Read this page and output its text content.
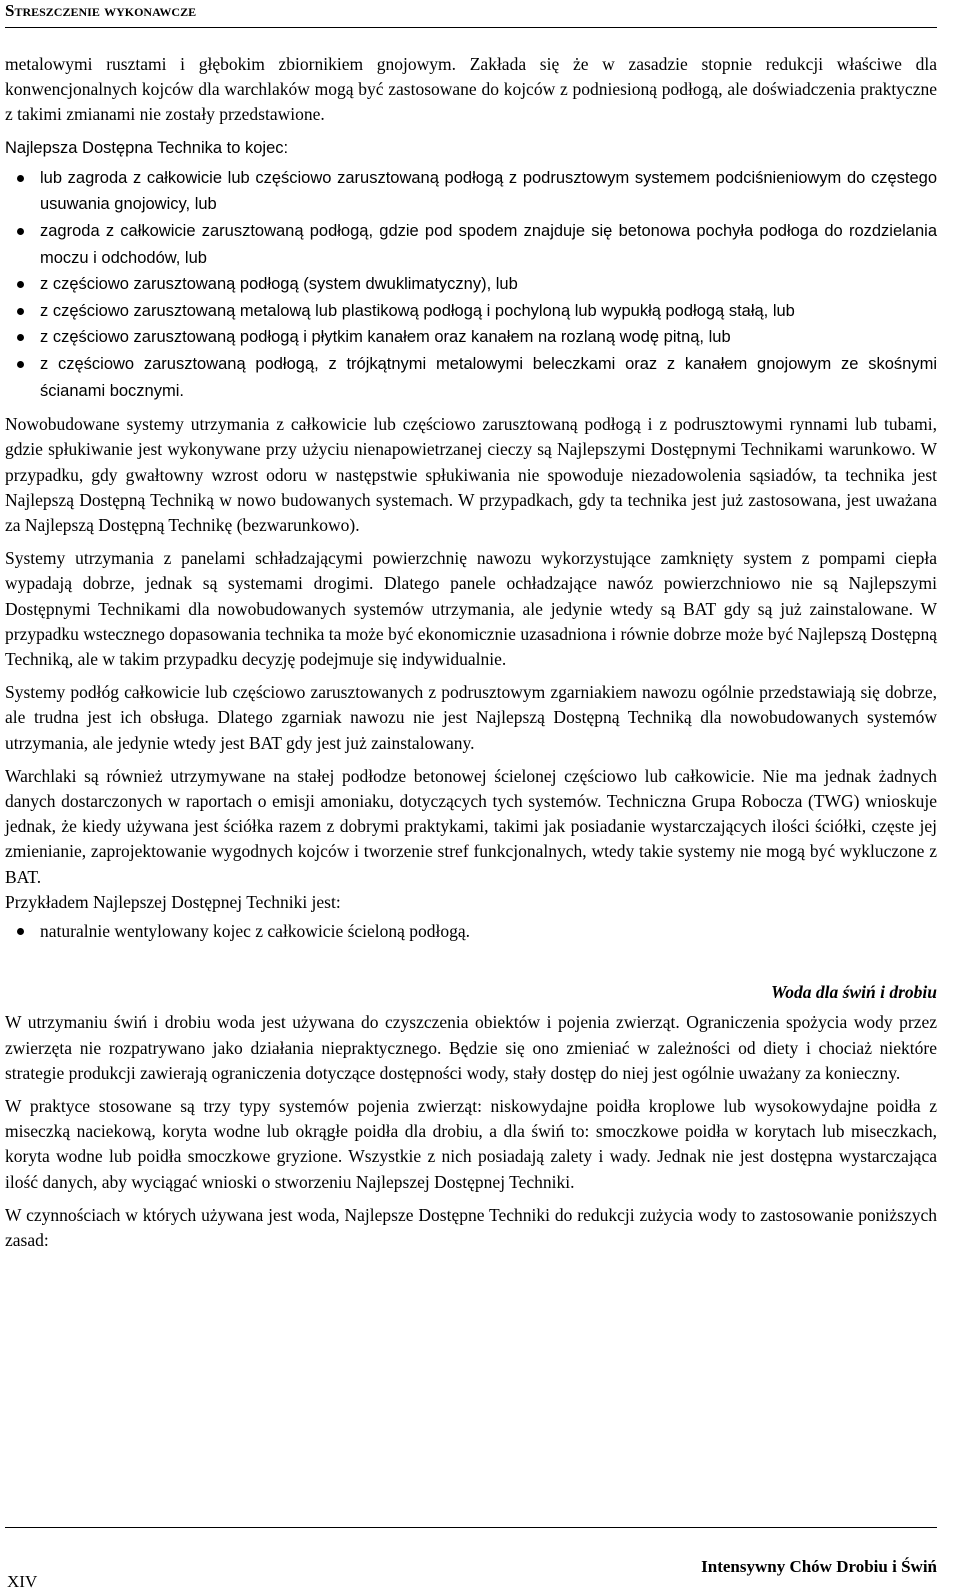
Streszczenie wykonawcze

metalowymi rusztami i głębokim zbiornikiem gnojowym. Zakłada się że w zasadzie stopnie redukcji właściwe dla konwencjonalnych kojców dla warchlaków mogą być zastosowane do kojców z podniesioną podłogą, ale doświadczenia praktyczne z takimi zmianami nie zostały przedstawione.

Najlepsza Dostępna Technika to kojec:

lub zagroda z całkowicie lub częściowo zarusztowaną podłogą z podrusztowym systemem podciśnieniowym do częstego usuwania gnojowicy, lub
zagroda z całkowicie zarusztowaną podłogą, gdzie pod spodem znajduje się betonowa pochyła podłoga do rozdzielania moczu i odchodów, lub
z częściowo zarusztowaną podłogą (system dwuklimatyczny), lub
z częściowo zarusztowaną metalową lub plastikową podłogą i pochyloną lub wypukłą podłogą stałą, lub
z częściowo zarusztowaną podłogą i płytkim kanałem oraz kanałem na rozlaną wodę pitną, lub
z częściowo zarusztowaną podłogą, z trójkątnymi metalowymi beleczkami oraz z kanałem gnojowym ze skośnymi ścianami bocznymi.

Nowobudowane systemy utrzymania z całkowicie lub częściowo zarusztowaną podłogą i z podrusztowymi rynnami lub tubami, gdzie spłukiwanie jest wykonywane przy użyciu nienapowietrzanej cieczy są Najlepszymi Dostępnymi Technikami warunkowo. W przypadku, gdy gwałtowny wzrost odoru w następstwie spłukiwania nie spowoduje niezadowolenia sąsiadów, ta technika jest Najlepszą Dostępną Techniką w nowo budowanych systemach. W przypadkach, gdy ta technika jest już zastosowana, jest uważana za Najlepszą Dostępną Technikę (bezwarunkowo).

Systemy utrzymania z panelami schładzającymi powierzchnię nawozu wykorzystujące zamknięty system z pompami ciepła wypadają dobrze, jednak są systemami drogimi. Dlatego panele ochładzające nawóz powierzchniowo nie są Najlepszymi Dostępnymi Technikami dla nowobudowanych systemów utrzymania, ale jedynie wtedy są BAT gdy są już zainstalowane. W przypadku wstecznego dopasowania technika ta może być ekonomicznie uzasadniona i równie dobrze może być Najlepszą Dostępną Techniką, ale w takim przypadku decyzję podejmuje się indywidualnie.

Systemy podłóg całkowicie lub częściowo zarusztowanych z podrusztowym zgarniakiem nawozu ogólnie przedstawiają się dobrze, ale trudna jest ich obsługa. Dlatego zgarniak nawozu nie jest Najlepszą Dostępną Techniką dla nowobudowanych systemów utrzymania, ale jedynie wtedy jest BAT gdy jest już zainstalowany.

Warchlaki są również utrzymywane na stałej podłodze betonowej ścielonej częściowo lub całkowicie. Nie ma jednak żadnych danych dostarczonych w raportach o emisji amoniaku, dotyczących tych systemów. Techniczna Grupa Robocza (TWG) wnioskuje jednak, że kiedy używana jest ściółka razem z dobrymi praktykami, takimi jak posiadanie wystarczających ilości ściółki, częste jej zmienianie, zaprojektowanie wygodnych kojców i tworzenie stref funkcjonalnych, wtedy takie systemy nie mogą być wykluczone z BAT.

Przykładem Najlepszej Dostępnej Techniki jest:

naturalnie wentylowany kojec z całkowicie ścieloną podłogą.
Woda dla świń i drobiu

W utrzymaniu świń i drobiu woda jest używana do czyszczenia obiektów i pojenia zwierząt. Ograniczenia spożycia wody przez zwierzęta nie rozpatrywano jako działania niepraktycznego. Będzie się ono zmieniać w zależności od diety i chociaż niektóre strategie produkcji zawierają ograniczenia dotyczące dostępności wody, stały dostęp do niej jest ogólnie uważany za konieczny.

W praktyce stosowane są trzy typy systemów pojenia zwierząt: niskowydajne poidła kroplowe lub wysokowydajne poidła z miseczką naciekową, koryta wodne lub okrągłe poidła dla drobiu, a dla świń to: smoczkowe poidła w korytach lub miseczkach, koryta wodne lub poidła smoczkowe gryzione. Wszystkie z nich posiadają zalety i wady. Jednak nie jest dostępna wystarczająca ilość danych, aby wyciągać wnioski o stworzeniu Najlepszej Dostępnej Techniki.

W czynnościach w których używana jest woda, Najlepsze Dostępne Techniki do redukcji zużycia wody to zastosowanie poniższych zasad:

XIV
Intensywny Chów Drobiu i Świń
